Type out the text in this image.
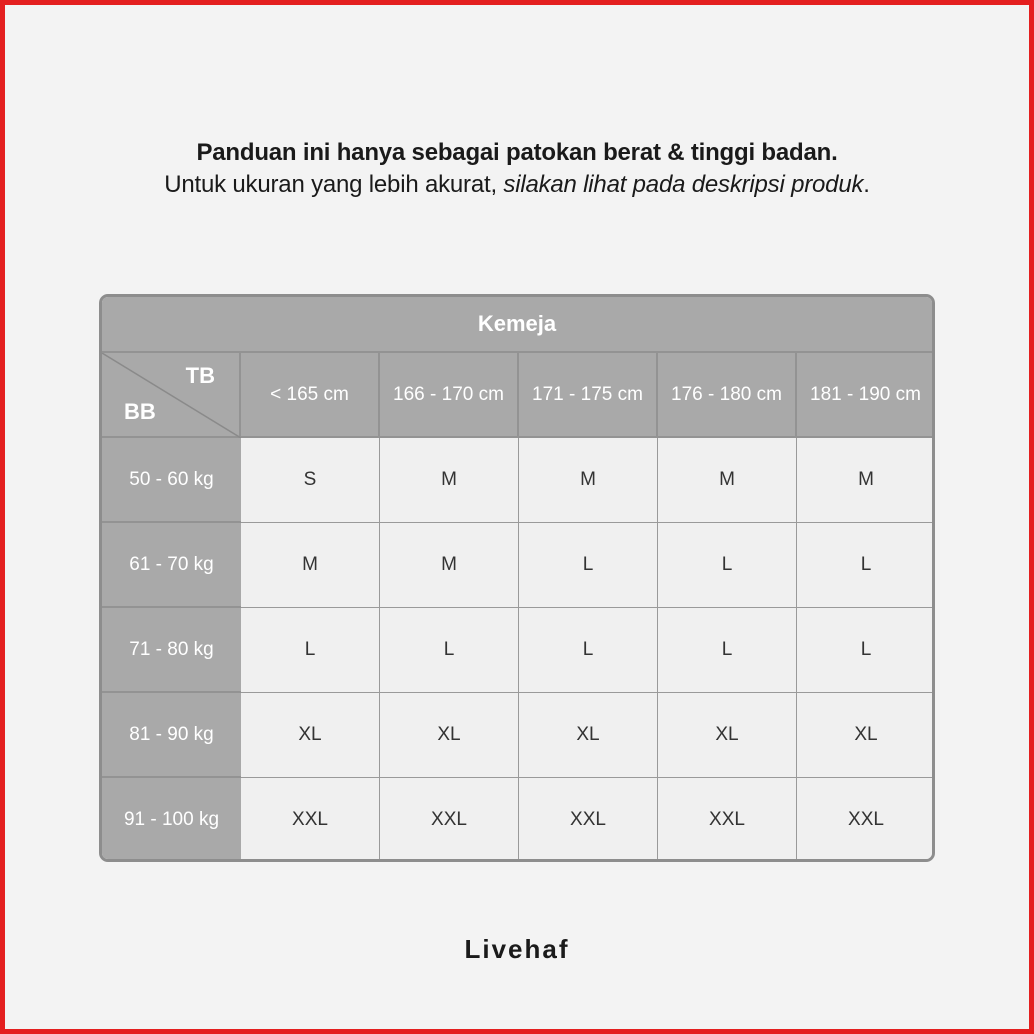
Panduan ini hanya sebagai patokan berat & tinggi badan.
Untuk ukuran yang lebih akurat, silakan lihat pada deskripsi produk.
Kemeja
TB
BB
< 165 cm	166 - 170 cm	171 - 175 cm	176 - 180 cm	181 - 190 cm
50 - 60 kg	S	M	M	M	M
61 - 70 kg	M	M	L	L	L
71 - 80 kg	L	L	L	L	L
81 - 90 kg	XL	XL	XL	XL	XL
91 - 100 kg	XXL	XXL	XXL	XXL	XXL
Livehaf
